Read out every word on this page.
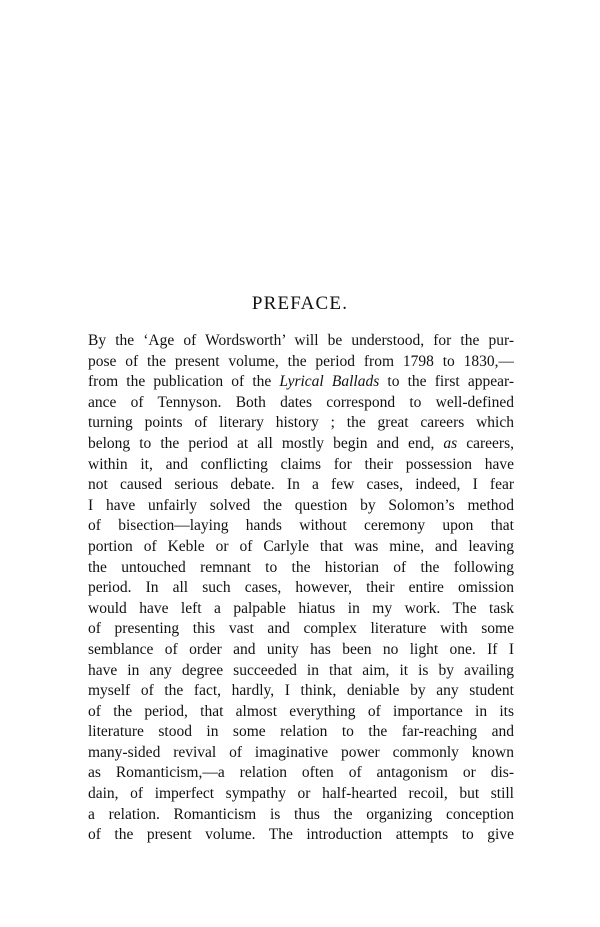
PREFACE.
By the ‘Age of Wordsworth’ will be understood, for the pur-
pose of the present volume, the period from 1798 to 1830,—
from the publication of the Lyrical Ballads to the first appear-
ance of Tennyson. Both dates correspond to well-defined
turning points of literary history ; the great careers which
belong to the period at all mostly begin and end, as careers,
within it, and conflicting claims for their possession have
not caused serious debate. In a few cases, indeed, I fear
I have unfairly solved the question by Solomon’s method
of bisection—laying hands without ceremony upon that
portion of Keble or of Carlyle that was mine, and leaving
the untouched remnant to the historian of the following
period. In all such cases, however, their entire omission
would have left a palpable hiatus in my work. The task
of presenting this vast and complex literature with some
semblance of order and unity has been no light one. If I
have in any degree succeeded in that aim, it is by availing
myself of the fact, hardly, I think, deniable by any student
of the period, that almost everything of importance in its
literature stood in some relation to the far-reaching and
many-sided revival of imaginative power commonly known
as Romanticism,—a relation often of antagonism or dis-
dain, of imperfect sympathy or half-hearted recoil, but still
a relation. Romanticism is thus the organizing conception
of the present volume. The introduction attempts to give
